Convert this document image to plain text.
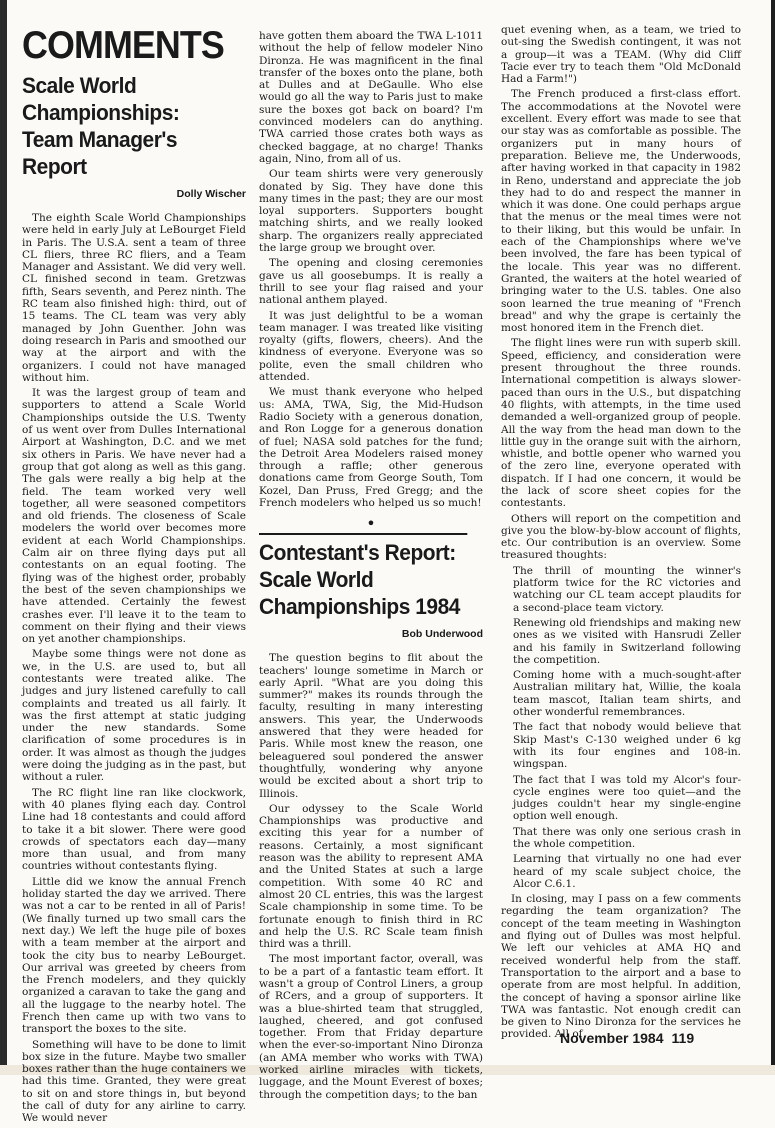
COMMENTS
Scale World Championships: Team Manager's Report
Dolly Wischer

The eighth Scale World Championships were held in early July at LeBourget Field in Paris. The U.S.A. sent a team of three CL fliers, three RC fliers, and a Team Manager and Assistant. We did very well. CL finished second in team. Gretzwas fifth, Sears seventh, and Perez ninth. The RC team also finished high: third, out of 15 teams. The CL team was very ably managed by John Guenther. John was doing research in Paris and smoothed our way at the airport and with the organizers. I could not have managed without him.

It was the largest group of team and supporters to attend a Scale World Championships outside the U.S. Twenty of us went over from Dulles International Airport at Washington, D.C. and we met six others in Paris. We have never had a group that got along as well as this gang. The gals were really a big help at the field. The team worked very well together, all were seasoned competitors and old friends. The closeness of Scale modelers the world over becomes more evident at each World Championships. Calm air on three flying days put all contestants on an equal footing. The flying was of the highest order, probably the best of the seven championships we have attended. Certainly the fewest crashes ever. I'll leave it to the team to comment on their flying and their views on yet another championships.

Maybe some things were not done as we, in the U.S. are used to, but all contestants were treated alike. The judges and jury listened carefully to call complaints and treated us all fairly. It was the first attempt at static judging under the new standards. Some clarification of some procedures is in order. It was almost as though the judges were doing the judging as in the past, but without a ruler.

The RC flight line ran like clockwork, with 40 planes flying each day. Control Line had 18 contestants and could afford to take it a bit slower. There were good crowds of spectators each day—many more than usual, and from many countries without contestants flying.

Little did we know the annual French holiday started the day we arrived. There was not a car to be rented in all of Paris! (We finally turned up two small cars the next day.) We left the huge pile of boxes with a team member at the airport and took the city bus to nearby LeBourget. Our arrival was greeted by cheers from the French modelers, and they quickly organized a caravan to take the gang and all the luggage to the nearby hotel. The French then came up with two vans to transport the boxes to the site.

Something will have to be done to limit box size in the future. Maybe two smaller boxes rather than the huge containers we had this time. Granted, they were great to sit on and store things in, but beyond the call of duty for any airline to carry. We would never

have gotten them aboard the TWA L-1011 without the help of fellow modeler Nino Dironza. He was magnificent in the final transfer of the boxes onto the plane, both at Dulles and at DeGaulle. Who else would go all the way to Paris just to make sure the boxes got back on board? I'm convinced modelers can do anything. TWA carried those crates both ways as checked baggage, at no charge! Thanks again, Nino, from all of us.

Our team shirts were very generously donated by Sig. They have done this many times in the past; they are our most loyal supporters. Supporters bought matching shirts, and we really looked sharp. The organizers really appreciated the large group we brought over.

The opening and closing ceremonies gave us all goosebumps. It is really a thrill to see your flag raised and your national anthem played.

It was just delightful to be a woman team manager. I was treated like visiting royalty (gifts, flowers, cheers). And the kindness of everyone. Everyone was so polite, even the small children who attended.

We must thank everyone who helped us: AMA, TWA, Sig, the Mid-Hudson Radio Society with a generous donation, and Ron Logge for a generous donation of fuel; NASA sold patches for the fund; the Detroit Area Modelers raised money through a raffle; other generous donations came from George South, Tom Kozel, Dan Pruss, Fred Gregg; and the French modelers who helped us so much!

•
Contestant's Report: Scale World Championships 1984
Bob Underwood

The question begins to flit about the teachers' lounge sometime in March or early April. "What are you doing this summer?" makes its rounds through the faculty, resulting in many interesting answers. This year, the Underwoods answered that they were headed for Paris. While most knew the reason, one beleaguered soul pondered the answer thoughtfully, wondering why anyone would be excited about a short trip to Illinois.

Our odyssey to the Scale World Championships was productive and exciting this year for a number of reasons. Certainly, a most significant reason was the ability to represent AMA and the United States at such a large competition. With some 40 RC and almost 20 CL entries, this was the largest Scale championship in some time. To be fortunate enough to finish third in RC and help the U.S. RC Scale team finish third was a thrill.

The most important factor, overall, was to be a part of a fantastic team effort. It wasn't a group of Control Liners, a group of RCers, and a group of supporters. It was a blue-shirted team that struggled, laughed, cheered, and got confused together. From that Friday departure when the ever-so-important Nino Dironza (an AMA member who works with TWA) worked airline miracles with tickets, luggage, and the Mount Everest of boxes; through the competition days; to the ban

quet evening when, as a team, we tried to out-sing the Swedish contingent, it was not a group—it was a TEAM. (Why did Cliff Tacie ever try to teach them "Old McDonald Had a Farm!")

The French produced a first-class effort. The accommodations at the Novotel were excellent. Every effort was made to see that our stay was as comfortable as possible. The organizers put in many hours of preparation. Believe me, the Underwoods, after having worked in that capacity in 1982 in Reno, understand and appreciate the job they had to do and respect the manner in which it was done. One could perhaps argue that the menus or the meal times were not to their liking, but this would be unfair. In each of the Championships where we've been involved, the fare has been typical of the locale. This year was no different. Granted, the waiters at the hotel wearied of bringing water to the U.S. tables. One also soon learned the true meaning of "French bread" and why the grape is certainly the most honored item in the French diet.

The flight lines were run with superb skill. Speed, efficiency, and consideration were present throughout the three rounds. International competition is always slower-paced than ours in the U.S., but dispatching 40 flights, with attempts, in the time used demanded a well-organized group of people. All the way from the head man down to the little guy in the orange suit with the airhorn, whistle, and bottle opener who warned you of the zero line, everyone operated with dispatch. If I had one concern, it would be the lack of score sheet copies for the contestants.

Others will report on the competition and give you the blow-by-blow account of flights, etc. Our contribution is an overview. Some treasured thoughts:

The thrill of mounting the winner's platform twice for the RC victories and watching our CL team accept plaudits for a second-place team victory.

Renewing old friendships and making new ones as we visited with Hansrudi Zeller and his family in Switzerland following the competition.

Coming home with a much-sought-after Australian military hat, Willie, the koala team mascot, Italian team shirts, and other wonderful remembrances.

The fact that nobody would believe that Skip Mast's C-130 weighed under 6 kg with its four engines and 108-in. wingspan.

The fact that I was told my Alcor's four-cycle engines were too quiet—and the judges couldn't hear my single-engine option well enough.

That there was only one serious crash in the whole competition.

Learning that virtually no one had ever heard of my scale subject choice, the Alcor C.6.1.

In closing, may I pass on a few comments regarding the team organization? The concept of the team meeting in Washington and flying out of Dulles was most helpful. We left our vehicles at AMA HQ and received wonderful help from the staff. Transportation to the airport and a base to operate from are most helpful. In addition, the concept of having a sponsor airline like TWA was fantastic. Not enough credit can be given to Nino Dironza for the services he provided. All of

November 1984 119
